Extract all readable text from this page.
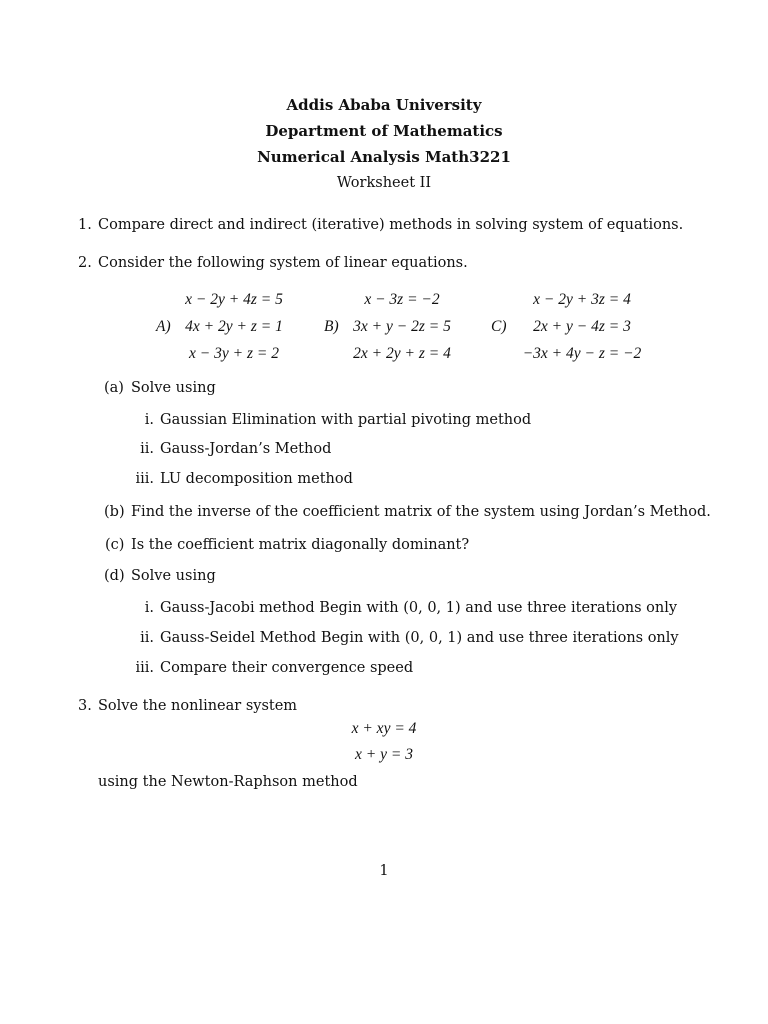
Addis Ababa University
Department of Mathematics
Numerical Analysis Math3221
Worksheet II
1. Compare direct and indirect (iterative) methods in solving system of equations.
2. Consider the following system of linear equations.
A)
x − 2y + 4z = 5
4x + 2y + z = 1
x − 3y + z = 2
B)
x − 3z = −2
3x + y − 2z = 5
2x + 2y + z = 4
C)
x − 2y + 3z = 4
2x + y − 4z = 3
−3x + 4y − z = −2
(a) Solve using
i. Gaussian Elimination with partial pivoting method
ii. Gauss-Jordan’s Method
iii. LU decomposition method
(b) Find the inverse of the coefficient matrix of the system using Jordan’s Method.
(c) Is the coefficient matrix diagonally dominant?
(d) Solve using
i. Gauss-Jacobi method Begin with (0, 0, 1) and use three iterations only
ii. Gauss-Seidel Method Begin with (0, 0, 1) and use three iterations only
iii. Compare their convergence speed
3. Solve the nonlinear system
x + xy = 4
x + y = 3
using the Newton-Raphson method
1
